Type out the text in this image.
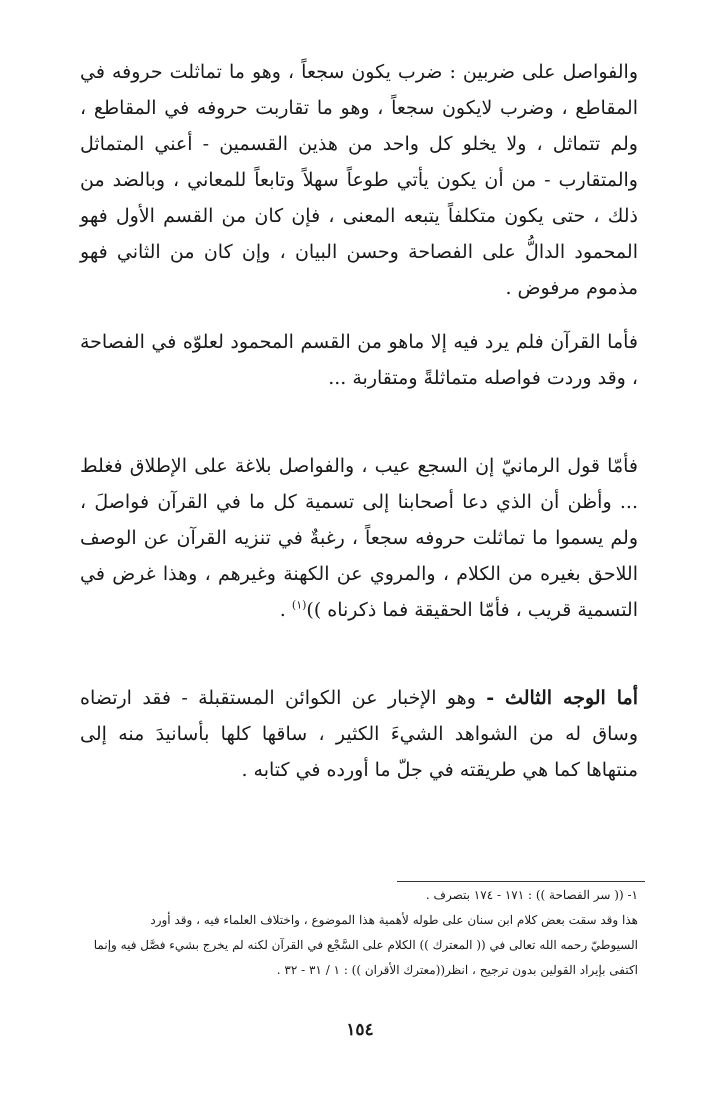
والفواصل على ضربين : ضرب يكون سجعاً ، وهو ما تماثلت حروفه في المقاطع ، وضرب لايكون سجعاً ، وهو ما تقاربت حروفه في المقاطع ، ولم تتماثل ، ولا يخلو كل واحد من هذين القسمين - أعني المتماثل والمتقارب - من أن يكون يأتي طوعاً سهلاً وتابعاً للمعاني ، وبالضد من ذلك ، حتى يكون متكلفاً يتبعه المعنى ، فإن كان من القسم الأول فهو المحمود الدالُّ على الفصاحة وحسن البيان ، وإن كان من الثاني فهو مذموم مرفوض .

فأما القرآن فلم يرد فيه إلا ماهو من القسم المحمود لعلوّه في الفصاحة ، وقد وردت فواصله متماثلةً ومتقاربة ...

فأمّا قول الرمانيّ إن السجع عيب ، والفواصل بلاغة على الإطلاق فغلط ... وأظن أن الذي دعا أصحابنا إلى تسمية كل ما في القرآن فواصلَ ، ولم يسموا ما تماثلت حروفه سجعاً ، رغبةٌ في تنزيه القرآن عن الوصف اللاحق بغيره من الكلام ، والمروي عن الكهنة وغيرهم ، وهذا غرض في التسمية قريب ، فأمّا الحقيقة فما ذكرناه ))$^{(١)}$ .

أما الوجه الثالث - وهو الإخبار عن الكوائن المستقبلة - فقد ارتضاه وساق له من الشواهد الشيءَ الكثير ، ساقها كلها بأسانيدَ منه إلى منتهاها كما هي طريقته في جلّ ما أورده في كتابه .

١- (( سر الفصاحة )) : ١٧١ - ١٧٤ بتصرف .
هذا وقد سقت بعض كلام ابن سنان على طوله لأهمية هذا الموضوع ، واختلاف العلماء فيه ، وقد أورد
السيوطيّ رحمه الله تعالى في (( المعترك )) الكلام على السَّجْع في القرآن لكنه لم يخرج بشيء فصَّل فيه وإنما
اكتفى بإيراد القولين بدون ترجيح ، انظر((معترك الأقران )) : ١ / ٣١ - ٣٢ .
١٥٤
